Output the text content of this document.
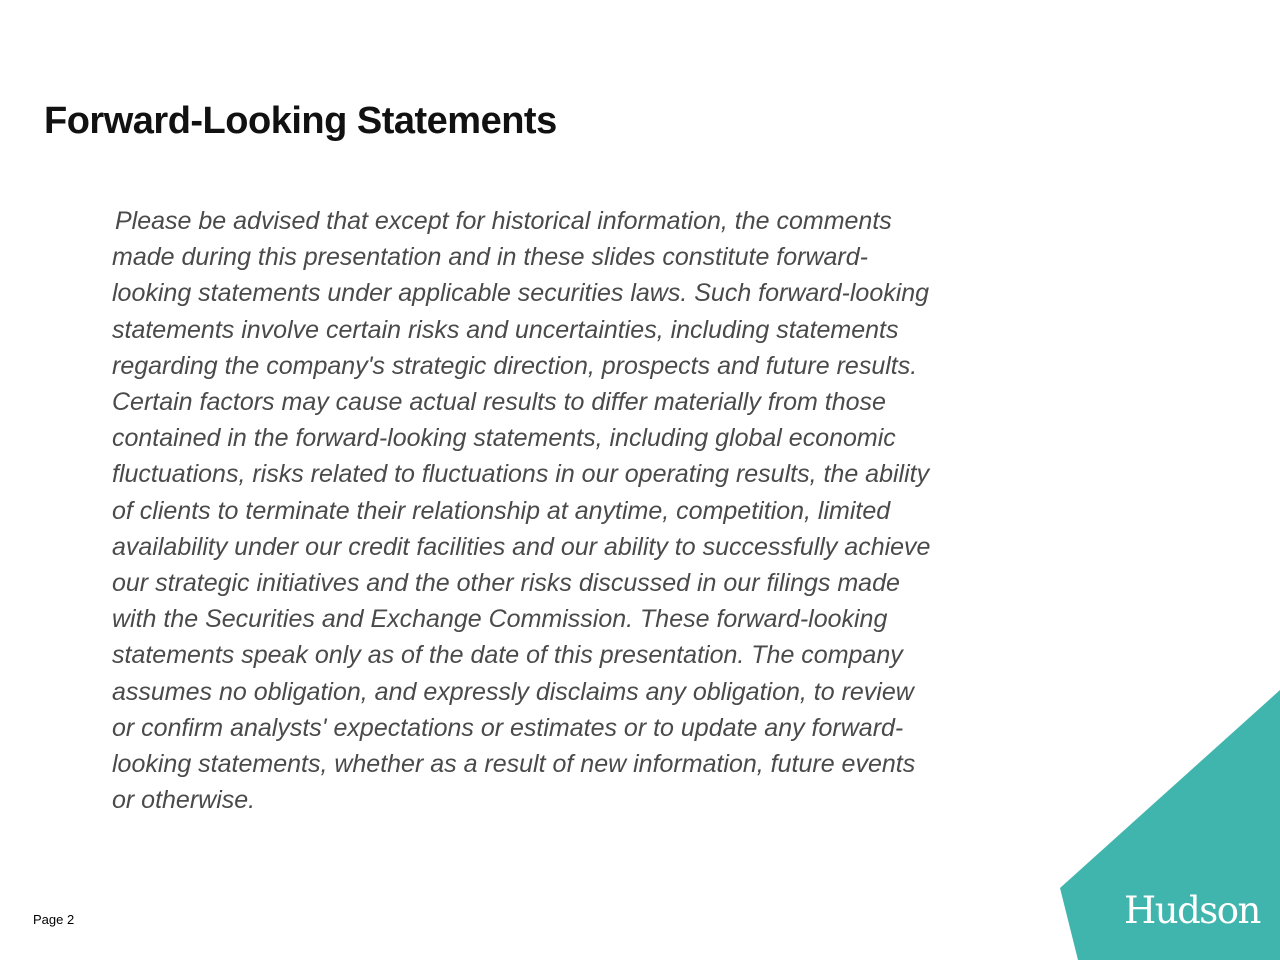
Forward-Looking Statements
Please be advised that except for historical information, the comments
made during this presentation and in these slides constitute forward-
looking statements under applicable securities laws. Such forward-looking
statements involve certain risks and uncertainties, including statements
regarding the company's strategic direction, prospects and future results.
Certain factors may cause actual results to differ materially from those
contained in the forward-looking statements, including global economic
fluctuations, risks related to fluctuations in our operating results, the ability
of clients to terminate their relationship at anytime, competition, limited
availability under our credit facilities and our ability to successfully achieve
our strategic initiatives and the other risks discussed in our filings made
with the Securities and Exchange Commission. These forward-looking
statements speak only as of the date of this presentation. The company
assumes no obligation, and expressly disclaims any obligation, to review
or confirm analysts' expectations or estimates or to update any forward-
looking statements, whether as a result of new information, future events
or otherwise.
Page 2	Hudson
